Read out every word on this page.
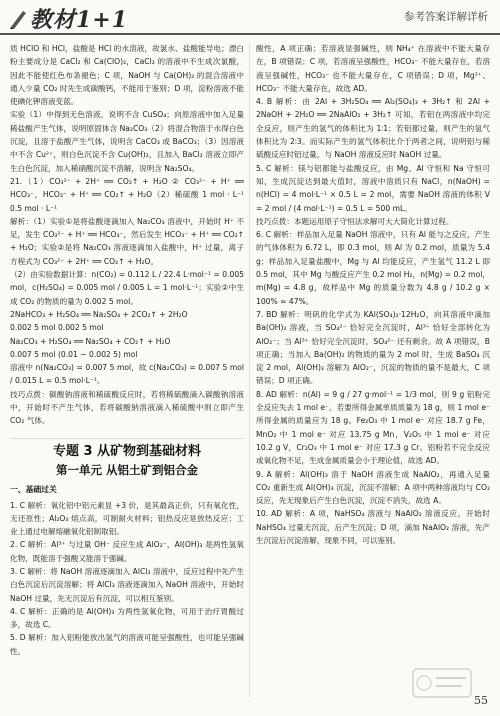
教材1+1	参考答案详解详析

质 HClO 和 HCl，盐酸是 HCl 的水溶液，故氯水、盐酸能导电；漂白粉主要成分是 CaCl₂ 和 Ca(ClO)₂，CaCl₂ 的溶液中不生成次氯酸，因此不能使红色布条褪色；C 项，NaOH 与 Ca(OH)₂ 的混合溶液中通入少量 CO₂ 时先生成碳酸钙，不能用于鉴别；D 项，淀粉溶液不能使碘化钾溶液变蓝。

实验（1）中得到无色溶液，说明不含 CuSO₄；向原溶液中加入足量稀盐酸产生气体，说明原固体含 Na₂CO₃（2）将混合物溶于水得白色沉淀，且溶于盐酸产生气体，说明含 CaCO₃ 或 BaCO₃；（3）因溶液中不含 Cu²⁺，则白色沉淀不含 Cu(OH)₂，且加入 BaCl₂ 溶液立即产生白色沉淀，加入稀硝酸沉淀不溶解，说明含 Na₂SO₄。

21.（1）CO₃²⁻ + 2H⁺ ══ CO₂↑ + H₂O ② CO₃²⁻ + H⁺ ══ HCO₃⁻，HCO₃⁻ + H⁺ ══ CO₂↑ + H₂O（2）稀硫酸 1 mol · L⁻¹ 0.5 mol · L⁻¹

解析：（1）实验①是将盐酸逐滴加入 Na₂CO₃ 溶液中，开始时 H⁺ 不足，发生 CO₃²⁻ + H⁺ ══ HCO₃⁻，然后发生 HCO₃⁻ + H⁺ ══ CO₂↑ + H₂O；实验②是将 Na₂CO₃ 溶液逐滴加入盐酸中，H⁺ 过量，离子方程式为 CO₃²⁻ + 2H⁺ ══ CO₂↑ + H₂O。

（2）由实验数据计算：n(CO₂) = 0.112 L / 22.4 L·mol⁻¹ = 0.005 mol，c(H₂SO₄) = 0.005 mol / 0.005 L = 1 mol·L⁻¹；实验②中生成 CO₂ 的物质的量为 0.002 5 mol。

2NaHCO₃ + H₂SO₄ ══ Na₂SO₄ + 2CO₂↑ + 2H₂O

0.002 5 mol 0.002 5 mol

Na₂CO₃ + H₂SO₄ ══ Na₂SO₄ + CO₂↑ + H₂O

0.007 5 mol (0.01 − 0.002 5) mol

溶液中 n(Na₂CO₃) = 0.007 5 mol，故 c(Na₂CO₃) = 0.007 5 mol / 0.015 L = 0.5 mol·L⁻¹。

技巧点拨：碳酸钠溶液和稀硫酸反应时，若将稀硫酸滴入碳酸钠溶液中，开始时不产生气体，若将碳酸钠溶液滴入稀硫酸中则立即产生 CO₂ 气体。

专题 3 从矿物到基础材料
第一单元 从铝土矿到铝合金
一、基础过关

1. C 解析：氧化铝中铝元素显 +3 价，是其最高正价，只有氧化性，无还原性；Al₂O₃ 熔点高，可制耐火材料；铝热反应是放热反应；工业上通过电解熔融氧化铝制取铝。

2. C 解析：Al³⁺ 与过量 OH⁻ 反应生成 AlO₂⁻，Al(OH)₃ 是两性氢氧化物，既能溶于强酸又能溶于强碱。

3. C 解析：将 NaOH 溶液逐滴加入 AlCl₃ 溶液中，反应过程中先产生白色沉淀后沉淀溶解；将 AlCl₃ 溶液逐滴加入 NaOH 溶液中，开始时 NaOH 过量，先无沉淀后有沉淀，可以相互鉴别。

4. C 解析：正确的是 Al(OH)₃ 为两性氢氧化物，可用于治疗胃酸过多，故选 C。

5. D 解析：加入铝粉能放出氢气的溶液可能呈强酸性，也可能呈强碱性。

酸性，A 项正确；若溶液显强碱性，则 NH₄⁺ 在溶液中不能大量存在，B 项错误；C 项，若溶液呈强酸性，HCO₃⁻ 不能大量存在，若溶液呈强碱性，HCO₃⁻ 也不能大量存在，C 项错误；D 项，Mg²⁺、HCO₃⁻ 不能大量存在，故选 AD。

4. B 解析：由 2Al + 3H₂SO₄ ══ Al₂(SO₄)₃ + 3H₂↑ 和 2Al + 2NaOH + 2H₂O ══ 2NaAlO₂ + 3H₂↑ 可知，若铝在两溶液中均完全反应，则产生的氢气的体积比为 1∶1；若铝都过量，则产生的氢气体积比为 2∶3。而实际产生的氢气体积比介于两者之间，说明铝与稀硫酸反应时铝过量，与 NaOH 溶液反应时 NaOH 过量。

5. C 解析：镁与铝都能与盐酸反应，由 Mg、Al 守恒和 Na 守恒可知，生成沉淀达到最大值时，溶液中溶质只有 NaCl，n(NaOH) = n(HCl) = 4 mol·L⁻¹ × 0.5 L = 2 mol，需要 NaOH 溶液的体积 V = 2 mol / (4 mol·L⁻¹) = 0.5 L = 500 mL。

技巧点拨：本题运用原子守恒法求解可大大简化计算过程。

6. C 解析：样品加入足量 NaOH 溶液中，只有 Al 能与之反应，产生的气体体积为 6.72 L，即 0.3 mol，则 Al 为 0.2 mol，质量为 5.4 g；样品加入足量盐酸中，Mg 与 Al 均能反应，产生氢气 11.2 L 即 0.5 mol，其中 Mg 与酸反应产生 0.2 mol H₂，n(Mg) = 0.2 mol，m(Mg) = 4.8 g，故样品中 Mg 的质量分数为 4.8 g / 10.2 g × 100% ≈ 47%。

7. BD 解析：明矾的化学式为 KAl(SO₄)₂·12H₂O，向其溶液中滴加 Ba(OH)₂ 溶液，当 SO₄²⁻ 恰好完全沉淀时，Al³⁺ 恰好全部转化为 AlO₂⁻；当 Al³⁺ 恰好完全沉淀时，SO₄²⁻ 还有剩余。故 A 项错误，B 项正确；当加入 Ba(OH)₂ 的物质的量为 2 mol 时，生成 BaSO₄ 沉淀 2 mol，Al(OH)₃ 溶解为 AlO₂⁻，沉淀的物质的量不是最大，C 项错误；D 项正确。

8. AD 解析：n(Al) = 9 g / 27 g·mol⁻¹ = 1/3 mol，则 9 g 铝粉完全反应失去 1 mol e⁻。若要所得金属单质质量为 18 g，则 1 mol e⁻ 所得金属的质量应为 18 g。Fe₂O₃ 中 1 mol e⁻ 对应 18.7 g Fe，MnO₂ 中 1 mol e⁻ 对应 13.75 g Mn，V₂O₅ 中 1 mol e⁻ 对应 10.2 g V，Cr₂O₃ 中 1 mol e⁻ 对应 17.3 g Cr。铝粉若不完全反应或氧化物不足，生成金属质量会小于理论值，故选 AD。

9. A 解析：Al(OH)₃ 溶于 NaOH 溶液生成 NaAlO₂，再通入足量 CO₂ 重新生成 Al(OH)₃ 沉淀，沉淀不溶解；A 项中两种溶液均与 CO₂ 反应，先无现象后产生白色沉淀，沉淀不消失，故选 A。

10. AD 解析：A 项，NaHSO₄ 溶液与 NaAlO₂ 溶液反应，开始时 NaHSO₄ 过量无沉淀，后产生沉淀；D 项，滴加 NaAlO₂ 溶液，先产生沉淀后沉淀溶解，现象不同，可以鉴别。

55
